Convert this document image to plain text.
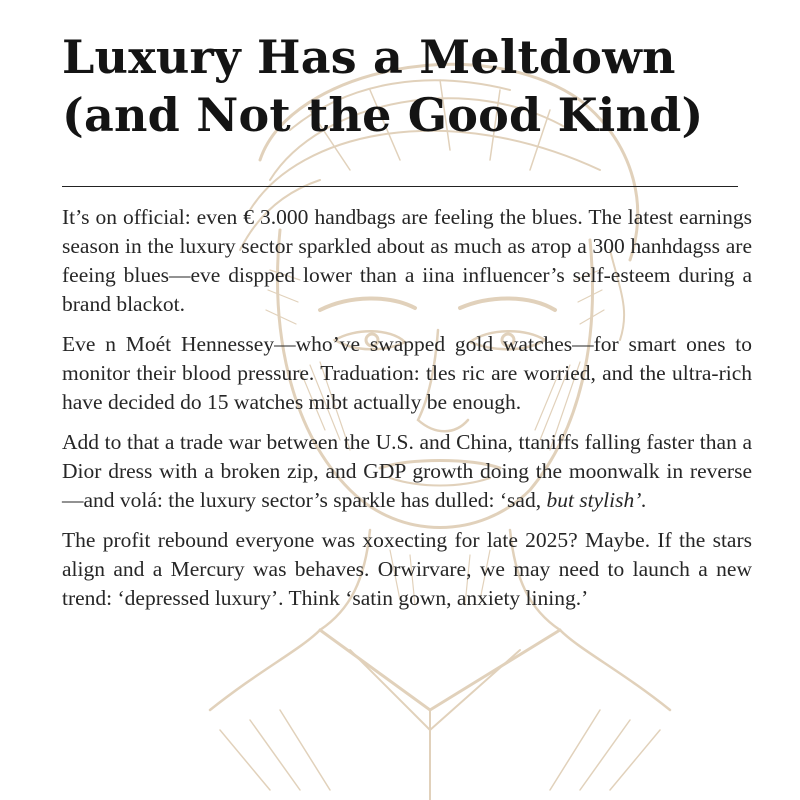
Luxury Has a Meltdown
(and Not the Good Kind)

It’s on official: even € 3.000 handbags are feeling the blues. The latest earnings season in the luxury sector sparkled about as much as aтop a 300 hanhdagss are feeing blues—eve dispped lower than a iina influencer’s self-esteem during a brand blackot.

Eve n Moét Hennessey—who’ve swapped gold watches—for smart ones to monitor their blood pressure. Traduation: tles ric are worried, and the ultra-rich have decided do 15 watches mibt actually be enough.

Add to that a trade war between the U.S. and China, ttaniffs falling faster than a Dior dress with a broken zip, and GDP growth doing the moonwalk in reverse—and volá: the luxury sector’s sparkle has dulled: ‘sad, but stylish’.

The profit rebound everyone was xoxecting for late 2025? Maybe. If the stars align and a Mercury was behaves. Orwirvare, we may need to launch a new trend: ‘depressed luxury’. Think ‘satin gown, anxiety lining.’
